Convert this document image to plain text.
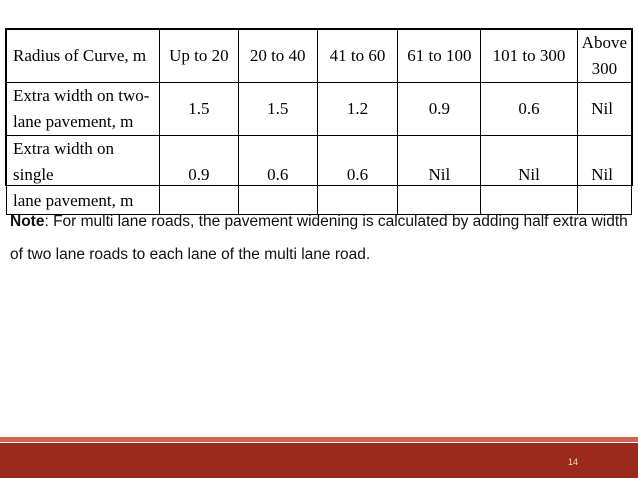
Radius of Curve, m	Up to 20	20 to 40	41 to 60	61 to 100	101 to 300	Above 300

Extra width on two-
lane pavement, m	1.5	1.5	1.2	0.9	0.6	Nil

Extra width on single
lane pavement, m	0.9	0.6	0.6	Nil	Nil	Nil
Note: For multi lane roads, the pavement widening is calculated by adding half extra width of two lane roads to each lane of the multi lane road.
14
